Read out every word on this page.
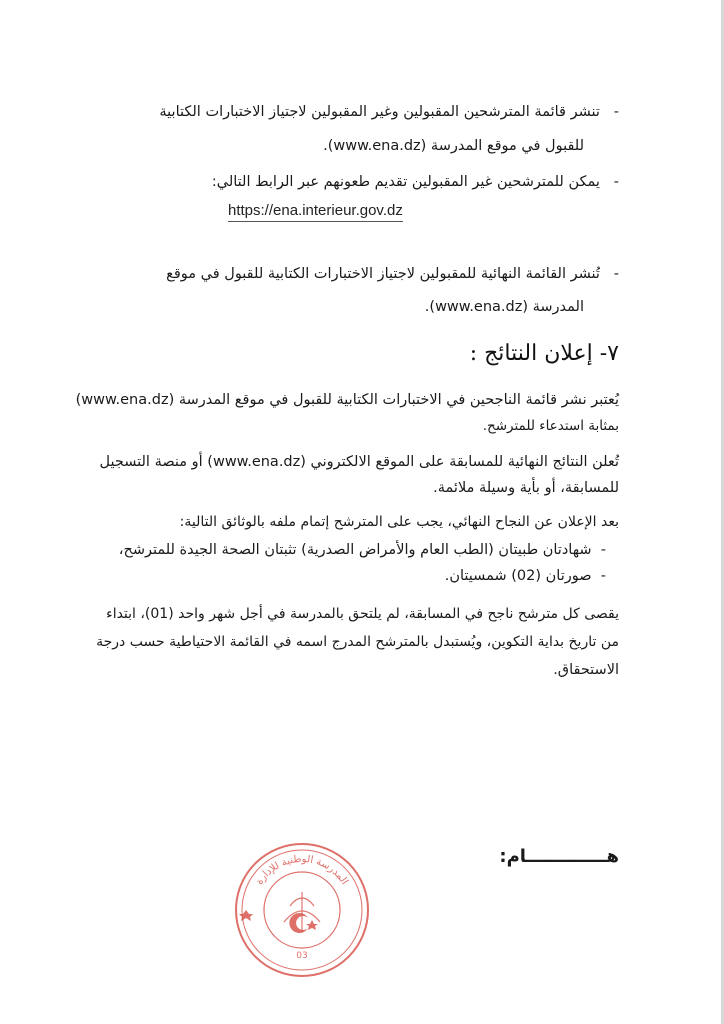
-   تنشر قائمة المترشحين المقبولين وغير المقبولين لاجتياز الاختبارات الكتابية
للقبول في موقع المدرسة (www.ena.dz).
-   يمكن للمترشحين غير المقبولين تقديم طعونهم عبر الرابط التالي:
https://ena.interieur.gov.dz
-   تُنشر القائمة النهائية للمقبولين لاجتياز الاختبارات الكتابية للقبول في موقع
المدرسة (www.ena.dz).
٧- إعلان النتائج :
يُعتبر نشر قائمة الناجحين في الاختبارات الكتابية للقبول في موقع المدرسة (www.ena.dz)
بمثابة استدعاء للمترشح.
تُعلن النتائج النهائية للمسابقة على الموقع الالكتروني (www.ena.dz) أو منصة التسجيل
للمسابقة، أو بأية وسيلة ملائمة.
بعد الإعلان عن النجاح النهائي، يجب على المترشح إتمام ملفه بالوثائق التالية:
-  شهادتان طبيتان (الطب العام والأمراض الصدرية) تثبتان الصحة الجيدة للمترشح،
-  صورتان (02) شمسيتان.
يقصى كل مترشح ناجح في المسابقة، لم يلتحق بالمدرسة في أجل شهر واحد (01)، ابتداء
من تاريخ بداية التكوين، ويُستبدل بالمترشح المدرج اسمه في القائمة الاحتياطية حسب درجة
الاستحقاق.
هـــــــــــــام:
المدرسة الوطنية للإدارة
03
